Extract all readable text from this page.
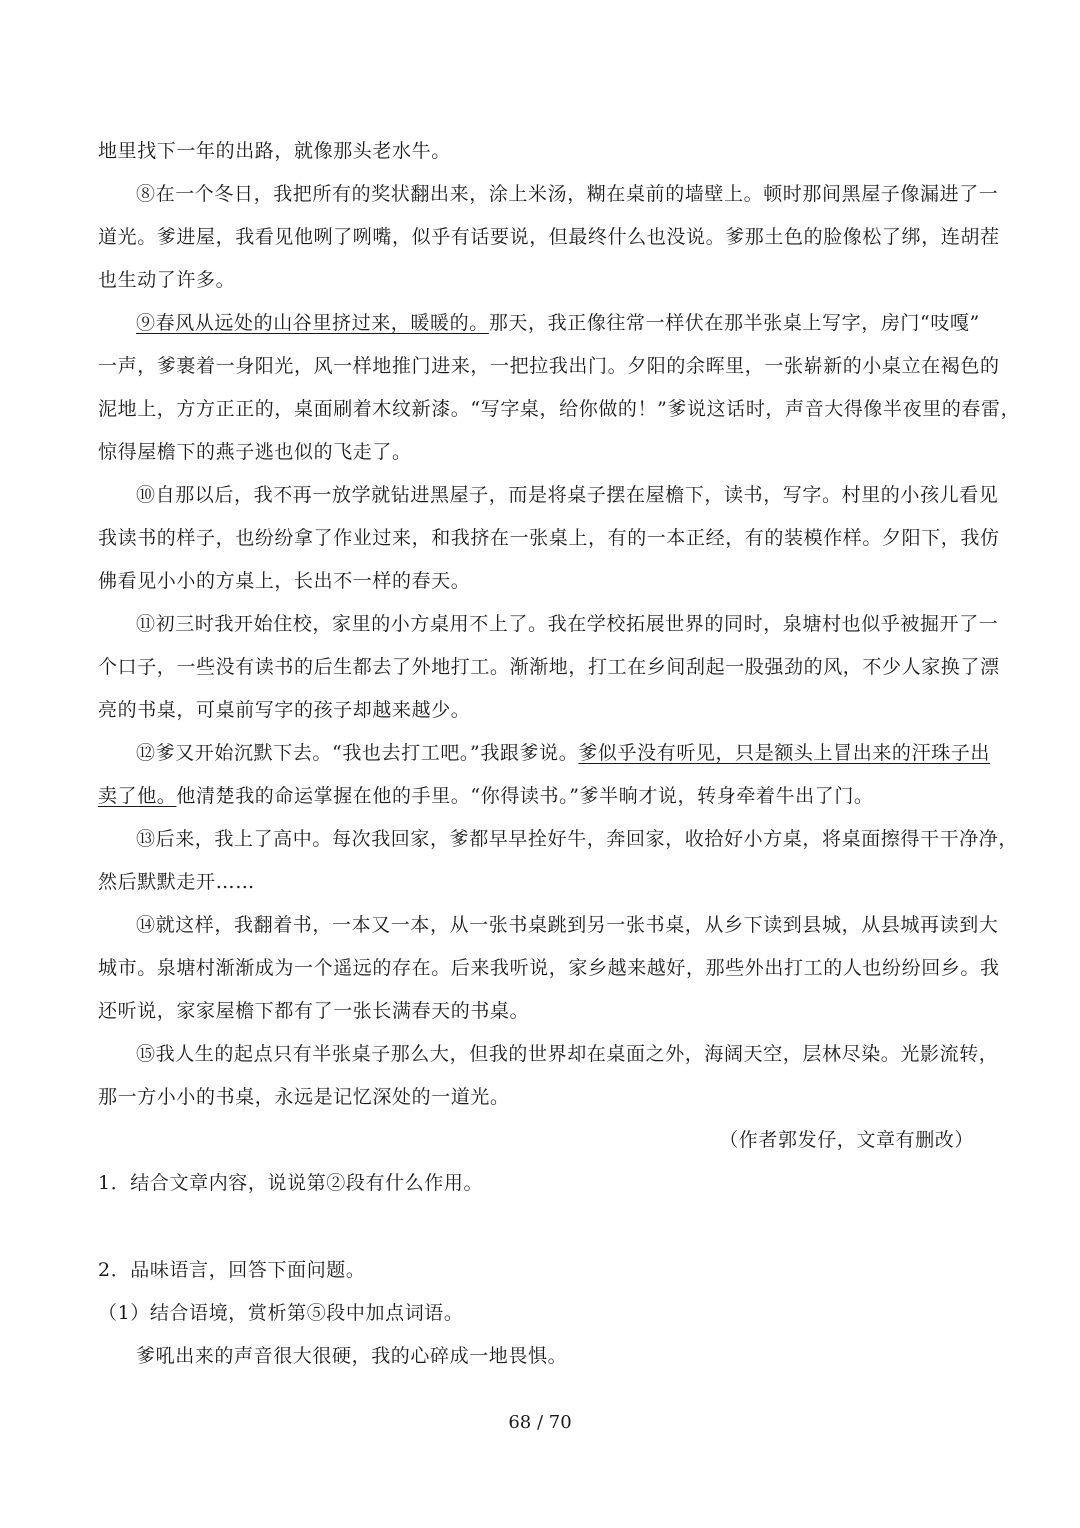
地里找下一年的出路，就像那头老水牛。
⑧在一个冬日，我把所有的奖状翻出来，涂上米汤，糊在桌前的墙壁上。顿时那间黑屋子像漏进了一
道光。爹进屋，我看见他咧了咧嘴，似乎有话要说，但最终什么也没说。爹那土色的脸像松了绑，连胡茬
也生动了许多。
⑨春风从远处的山谷里挤过来，暖暖的。那天，我正像往常一样伏在那半张桌上写字，房门“吱嘎”
一声，爹裹着一身阳光，风一样地推门进来，一把拉我出门。夕阳的余晖里，一张崭新的小桌立在褐色的
泥地上，方方正正的，桌面刷着木纹新漆。“写字桌，给你做的！”爹说这话时，声音大得像半夜里的春雷，
惊得屋檐下的燕子逃也似的飞走了。
⑩自那以后，我不再一放学就钻进黑屋子，而是将桌子摆在屋檐下，读书，写字。村里的小孩儿看见
我读书的样子，也纷纷拿了作业过来，和我挤在一张桌上，有的一本正经，有的装模作样。夕阳下，我仿
佛看见小小的方桌上，长出不一样的春天。
⑪初三时我开始住校，家里的小方桌用不上了。我在学校拓展世界的同时，泉塘村也似乎被掘开了一
个口子，一些没有读书的后生都去了外地打工。渐渐地，打工在乡间刮起一股强劲的风，不少人家换了漂
亮的书桌，可桌前写字的孩子却越来越少。
⑫爹又开始沉默下去。“我也去打工吧。”我跟爹说。爹似乎没有听见，只是额头上冒出来的汗珠子出
卖了他。他清楚我的命运掌握在他的手里。“你得读书。”爹半晌才说，转身牵着牛出了门。
⑬后来，我上了高中。每次我回家，爹都早早拴好牛，奔回家，收拾好小方桌，将桌面擦得干干净净，
然后默默走开……
⑭就这样，我翻着书，一本又一本，从一张书桌跳到另一张书桌，从乡下读到县城，从县城再读到大
城市。泉塘村渐渐成为一个遥远的存在。后来我听说，家乡越来越好，那些外出打工的人也纷纷回乡。我
还听说，家家屋檐下都有了一张长满春天的书桌。
⑮我人生的起点只有半张桌子那么大，但我的世界却在桌面之外，海阔天空，层林尽染。光影流转，
那一方小小的书桌，永远是记忆深处的一道光。
（作者郭发仔，文章有删改）
1．结合文章内容，说说第②段有什么作用。
2．品味语言，回答下面问题。
（1）结合语境，赏析第⑤段中加点词语。
爹吼出来的声音很大很硬，我的心碎成一地畏惧。
68 / 70
